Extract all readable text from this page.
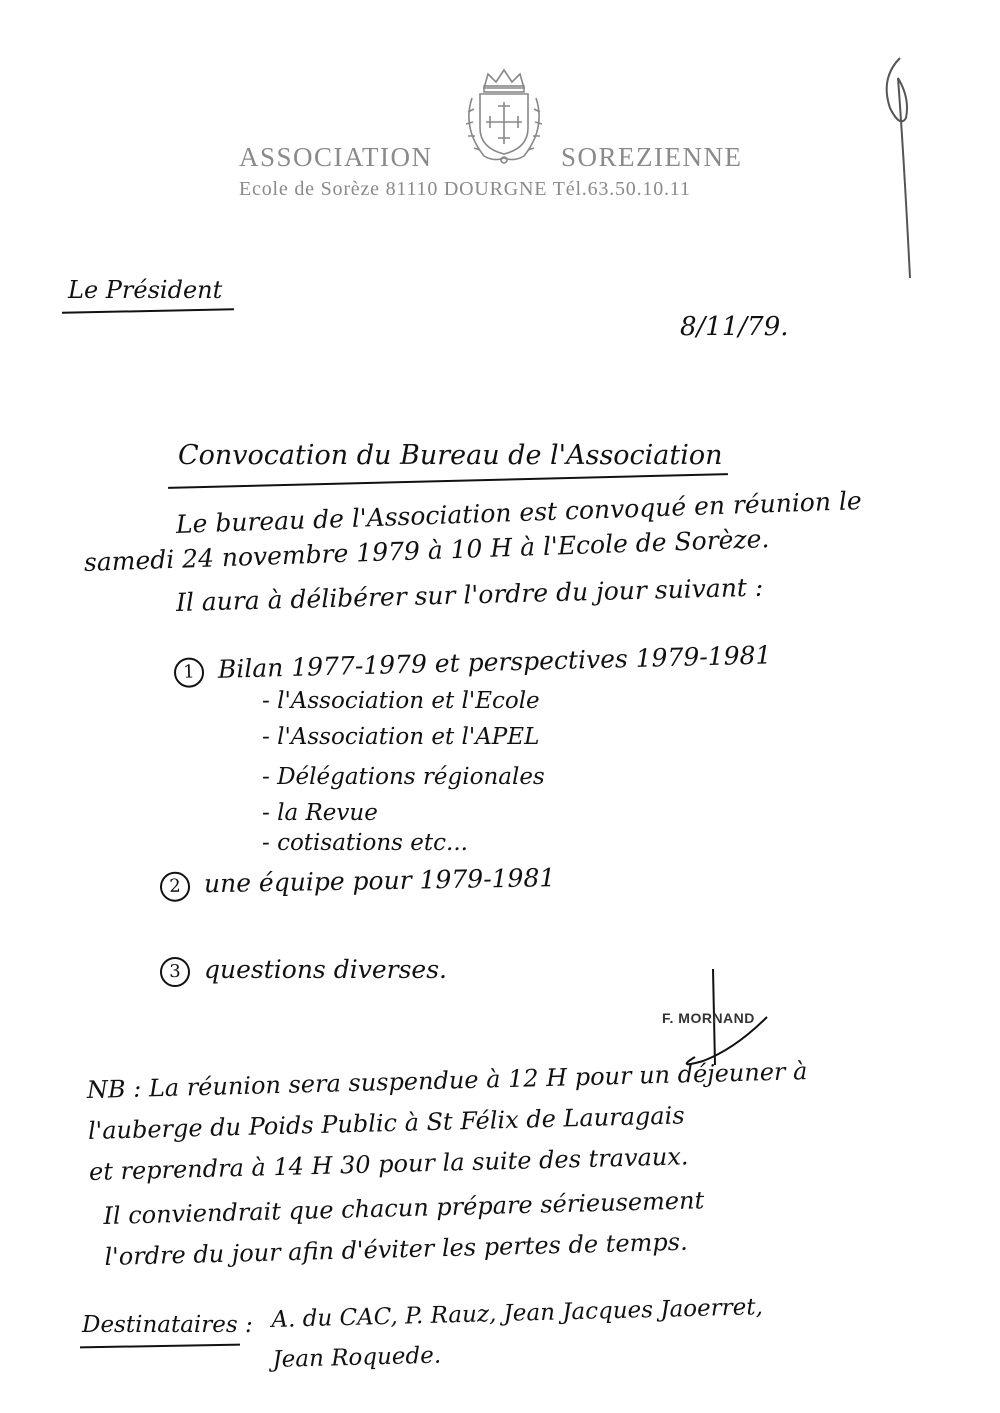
ASSOCIATION	SOREZIENNE
Ecole de Sorèze 81110 DOURGNE Tél.63.50.10.11
Le Président
8/11/79.
Convocation du Bureau de l'Association
Le bureau de l'Association est convoqué en réunion le
samedi 24 novembre 1979 à 10 H à l'Ecole de Sorèze.
Il aura à délibérer sur l'ordre du jour suivant :
1 Bilan 1977-1979 et perspectives 1979-1981
- l'Association et l'Ecole
- l'Association et l'APEL
- Délégations régionales
- la Revue
- cotisations etc...
2 une équipe pour 1979-1981
3 questions diverses.
F. MORNAND
NB : La réunion sera suspendue à 12 H pour un déjeuner à
l'auberge du Poids Public à St Félix de Lauragais
et reprendra à 14 H 30 pour la suite des travaux.
Il conviendrait que chacun prépare sérieusement
l'ordre du jour afin d'éviter les pertes de temps.
Destinataires : A. du CAC, P. Rauz, Jean Jacques Jaoerret,
Jean Roquede.
